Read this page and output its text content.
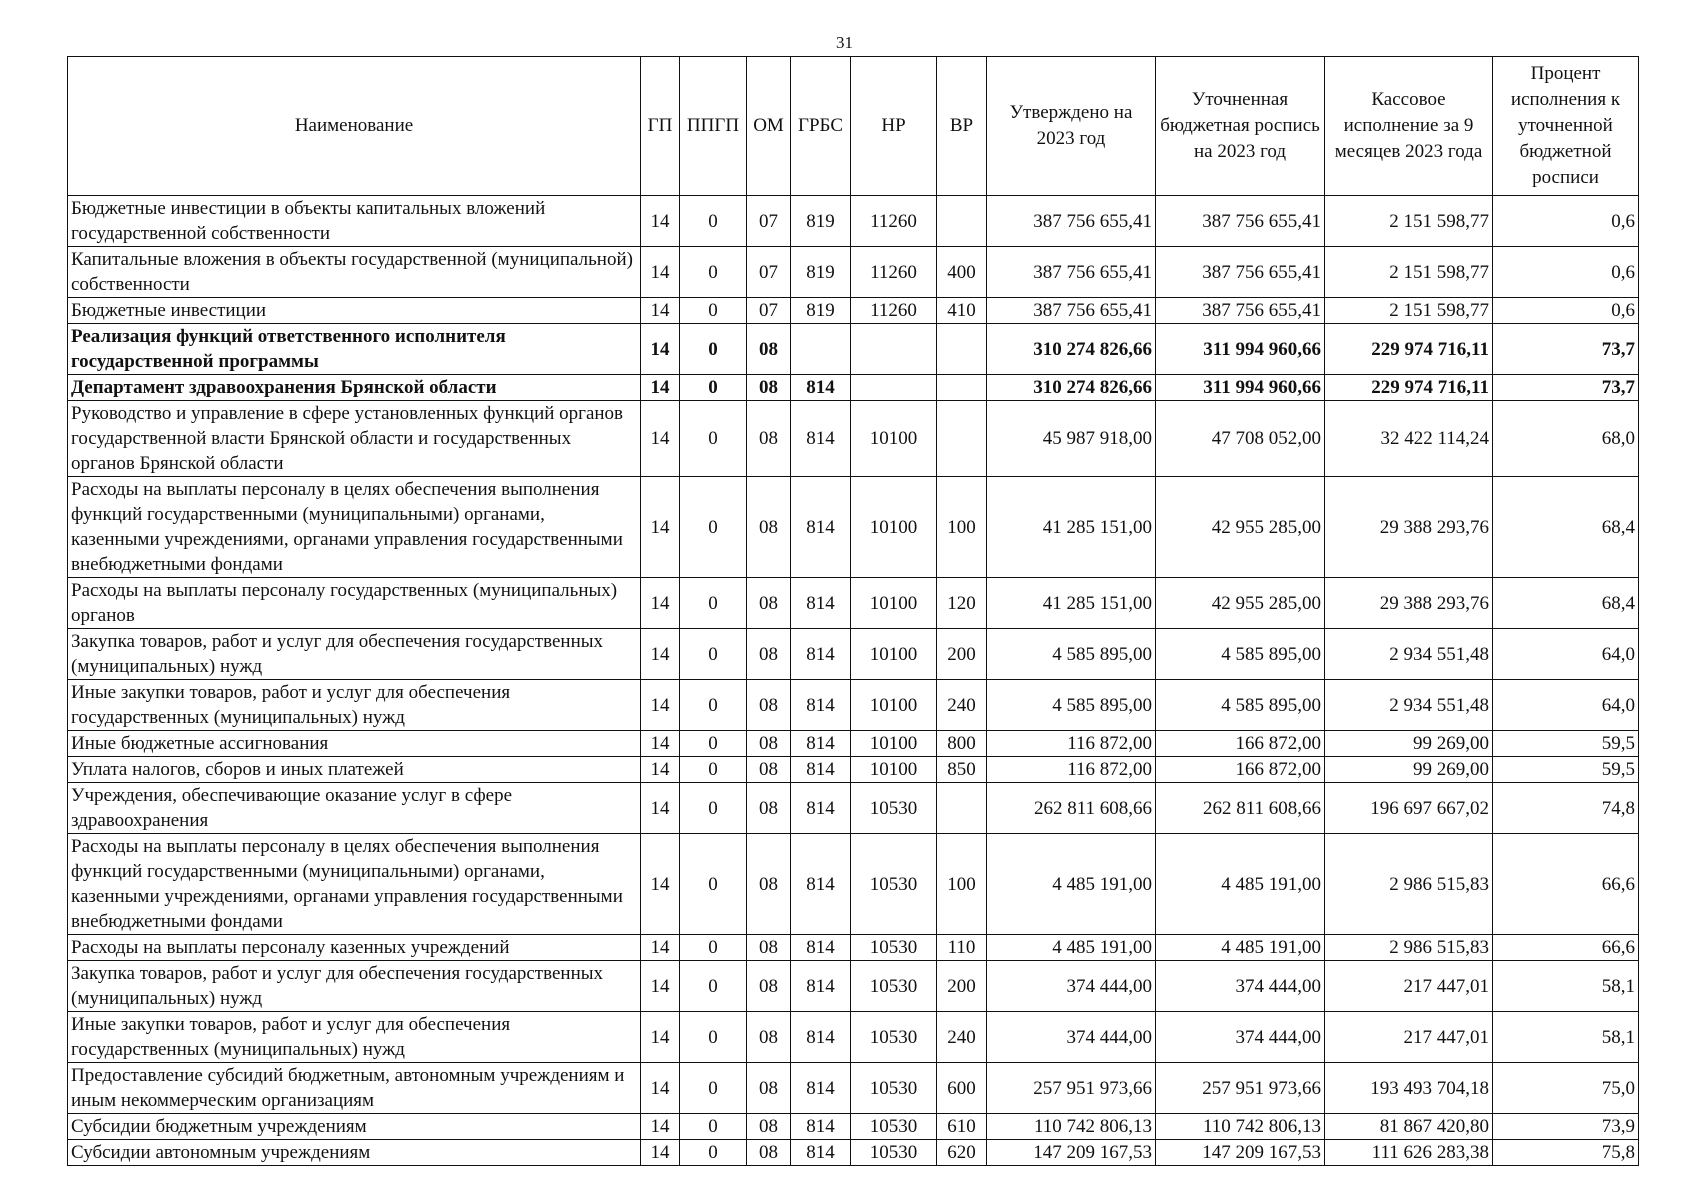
31
Наименование	ГП	ППГП	ОМ	ГРБС	НР	ВР	Утверждено на 2023 год	Уточненная бюджетная роспись на 2023 год	Кассовое исполнение за 9 месяцев 2023 года	Процент исполнения к уточненной бюджетной росписи
Бюджетные инвестиции в объекты капитальных вложений государственной собственности	14	0	07	819	11260		387 756 655,41	387 756 655,41	2 151 598,77	0,6
Капитальные вложения в объекты государственной (муниципальной) собственности	14	0	07	819	11260	400	387 756 655,41	387 756 655,41	2 151 598,77	0,6
Бюджетные инвестиции	14	0	07	819	11260	410	387 756 655,41	387 756 655,41	2 151 598,77	0,6
Реализация функций ответственного исполнителя государственной программы	14	0	08				310 274 826,66	311 994 960,66	229 974 716,11	73,7
Департамент здравоохранения Брянской области	14	0	08	814			310 274 826,66	311 994 960,66	229 974 716,11	73,7
Руководство и управление в сфере установленных функций органов государственной власти Брянской области и государственных органов Брянской области	14	0	08	814	10100		45 987 918,00	47 708 052,00	32 422 114,24	68,0
Расходы на выплаты персоналу в целях обеспечения выполнения функций государственными (муниципальными) органами, казенными учреждениями, органами управления государственными внебюджетными фондами	14	0	08	814	10100	100	41 285 151,00	42 955 285,00	29 388 293,76	68,4
Расходы на выплаты персоналу государственных (муниципальных) органов	14	0	08	814	10100	120	41 285 151,00	42 955 285,00	29 388 293,76	68,4
Закупка товаров, работ и услуг для обеспечения государственных (муниципальных) нужд	14	0	08	814	10100	200	4 585 895,00	4 585 895,00	2 934 551,48	64,0
Иные закупки товаров, работ и услуг для обеспечения государственных (муниципальных) нужд	14	0	08	814	10100	240	4 585 895,00	4 585 895,00	2 934 551,48	64,0
Иные бюджетные ассигнования	14	0	08	814	10100	800	116 872,00	166 872,00	99 269,00	59,5
Уплата налогов, сборов и иных платежей	14	0	08	814	10100	850	116 872,00	166 872,00	99 269,00	59,5
Учреждения, обеспечивающие оказание услуг в сфере здравоохранения	14	0	08	814	10530		262 811 608,66	262 811 608,66	196 697 667,02	74,8
Расходы на выплаты персоналу в целях обеспечения выполнения функций государственными (муниципальными) органами, казенными учреждениями, органами управления государственными внебюджетными фондами	14	0	08	814	10530	100	4 485 191,00	4 485 191,00	2 986 515,83	66,6
Расходы на выплаты персоналу казенных учреждений	14	0	08	814	10530	110	4 485 191,00	4 485 191,00	2 986 515,83	66,6
Закупка товаров, работ и услуг для обеспечения государственных (муниципальных) нужд	14	0	08	814	10530	200	374 444,00	374 444,00	217 447,01	58,1
Иные закупки товаров, работ и услуг для обеспечения государственных (муниципальных) нужд	14	0	08	814	10530	240	374 444,00	374 444,00	217 447,01	58,1
Предоставление субсидий бюджетным, автономным учреждениям и иным некоммерческим организациям	14	0	08	814	10530	600	257 951 973,66	257 951 973,66	193 493 704,18	75,0
Субсидии бюджетным учреждениям	14	0	08	814	10530	610	110 742 806,13	110 742 806,13	81 867 420,80	73,9
Субсидии автономным учреждениям	14	0	08	814	10530	620	147 209 167,53	147 209 167,53	111 626 283,38	75,8
